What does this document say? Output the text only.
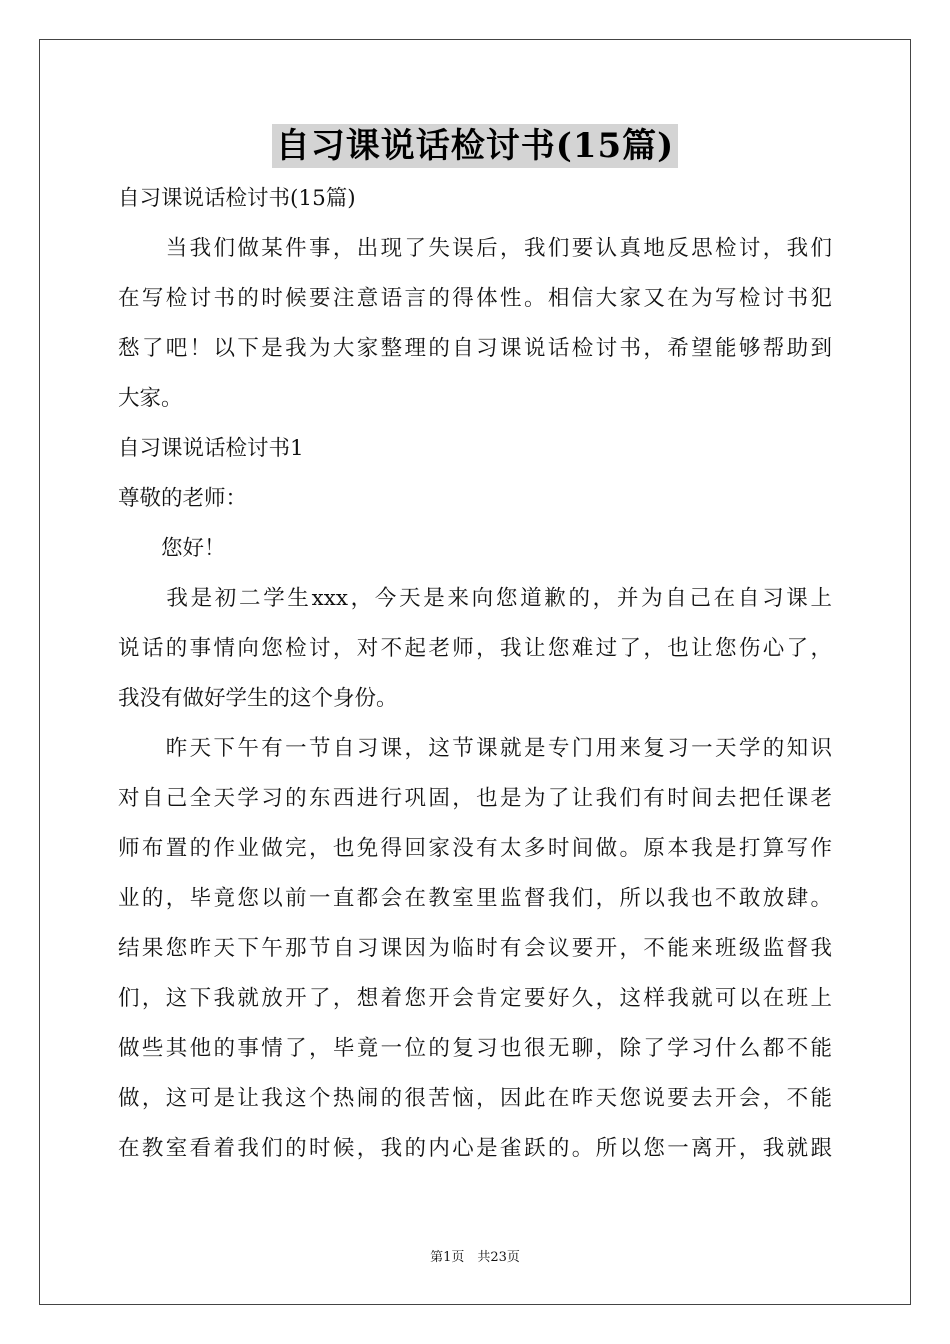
自习课说话检讨书(15篇)
自习课说话检讨书(15篇)
　　当我们做某件事，出现了失误后，我们要认真地反思检讨，我们
在写检讨书的时候要注意语言的得体性。相信大家又在为写检讨书犯
愁了吧！以下是我为大家整理的自习课说话检讨书，希望能够帮助到
大家。
自习课说话检讨书1
尊敬的老师：
　　您好！
　　我是初二学生xxx，今天是来向您道歉的，并为自己在自习课上
说话的事情向您检讨，对不起老师，我让您难过了，也让您伤心了，
我没有做好学生的这个身份。
　　昨天下午有一节自习课，这节课就是专门用来复习一天学的知识
对自己全天学习的东西进行巩固，也是为了让我们有时间去把任课老
师布置的作业做完，也免得回家没有太多时间做。原本我是打算写作
业的，毕竟您以前一直都会在教室里监督我们，所以我也不敢放肆。
结果您昨天下午那节自习课因为临时有会议要开，不能来班级监督我
们，这下我就放开了，想着您开会肯定要好久，这样我就可以在班上
做些其他的事情了，毕竟一位的复习也很无聊，除了学习什么都不能
做，这可是让我这个热闹的很苦恼，因此在昨天您说要去开会，不能
在教室看着我们的时候，我的内心是雀跃的。所以您一离开，我就跟
第1页　共23页
